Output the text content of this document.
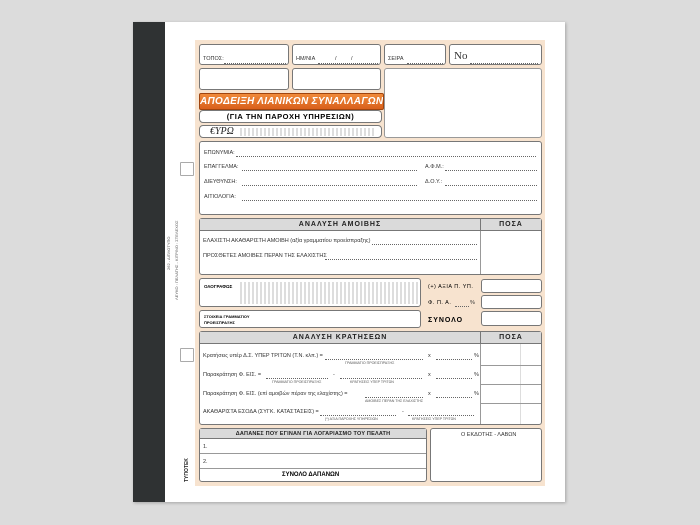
262 - ΔΙΠΛΟΤΥΠΟ ΛΕΥΚΟ : ΠΕΛΑΤΗΣ - ΚΙΤΡΙΝΟ : ΣΤΕΛΕΧΟΣ
ΤΥΠΟΤΕΚ
ΤΟΠΟΣ:	ΗΜ/ΝΙΑ	/	/	ΣΕΙΡΑ	Νο
ΑΠΟΔΕΙΞΗ ΛΙΑΝΙΚΩΝ ΣΥΝΑΛΛΑΓΩΝ
(ΓΙΑ ΤΗΝ ΠΑΡΟΧΗ ΥΠΗΡΕΣΙΩΝ)
€ΥΡΩ
ΕΠΩΝΥΜΙΑ:
ΕΠΑΓΓΕΛΜΑ:	Α.Φ.Μ.:
ΔΙΕΥΘΥΝΣΗ:	Δ.Ο.Υ.:
ΑΙΤΙΟΛΟΓΙΑ:
ΑΝΑΛΥΣΗ ΑΜΟΙΒΗΣ	ΠΟΣΑ
ΕΛΑΧΙΣΤΗ ΑΚΑΘΑΡΙΣΤΗ ΑΜΟΙΒΗ (αξία γραμματίου προείσπραξης)
ΠΡΟΣΘΕΤΕΣ ΑΜΟΙΒΕΣ ΠΕΡΑΝ ΤΗΣ ΕΛΑΧΙΣΤΗΣ
ΟΛΟΓΡΑΦΩΣ
ΣΤΟΙΧΕΙΑ ΓΡΑΜΜΑΤΙΟΥ
ΠΡΟΕΙΣΠΡΑΞΗΣ
(+) ΑΞΙΑ Π. ΥΠ.
Φ. Π. Α.	%
ΣΥΝΟΛΟ
ΑΝΑΛΥΣΗ ΚΡΑΤΗΣΕΩΝ	ΠΟΣΑ
Κρατήσεις υπέρ Δ.Σ. ΥΠΕΡ ΤΡΙΤΩΝ (Τ.Ν. κλπ.) =
ΓΡΑΜΜΑΤΙΟ ΠΡΟΕΙΣΠΡΑΞΗΣ
x	%
Παρακράτηση Φ. ΕΙΣ. =
ΓΡΑΜΜΑΤΙΟ ΠΡΟΕΙΣΠΡΑΞΗΣ
-
ΚΡΑΤΗΣΕΙΣ ΥΠΕΡ ΤΡΙΤΩΝ
x	%
Παρακράτηση Φ. ΕΙΣ. (επί αμοιβών πέραν της ελαχίστης) =
ΑΜΟΙΒΕΣ ΠΕΡΑΝ ΤΗΣ ΕΛΑΧΙΣΤΗΣ
x	%
ΑΚΑΘΑΡΙΣΤΑ ΕΣΟΔΑ (ΣΥΓΚ. ΚΑΤΑΣΤΑΣΕΙΣ) =
(*) ΑΞΙΑ ΠΑΡΟΧΗΣ ΥΠΗΡΕΣΙΩΝ
-
ΚΡΑΤΗΣΕΙΣ ΥΠΕΡ ΤΡΙΤΩΝ
ΔΑΠΑΝΕΣ ΠΟΥ ΕΓΙΝΑΝ ΓΙΑ ΛΟΓΑΡΙΑΣΜΟ ΤΟΥ ΠΕΛΑΤΗ
1.
2.
ΣΥΝΟΛΟ ΔΑΠΑΝΩΝ
Ο ΕΚΔΟΤΗΣ - ΛΑΒΩΝ
